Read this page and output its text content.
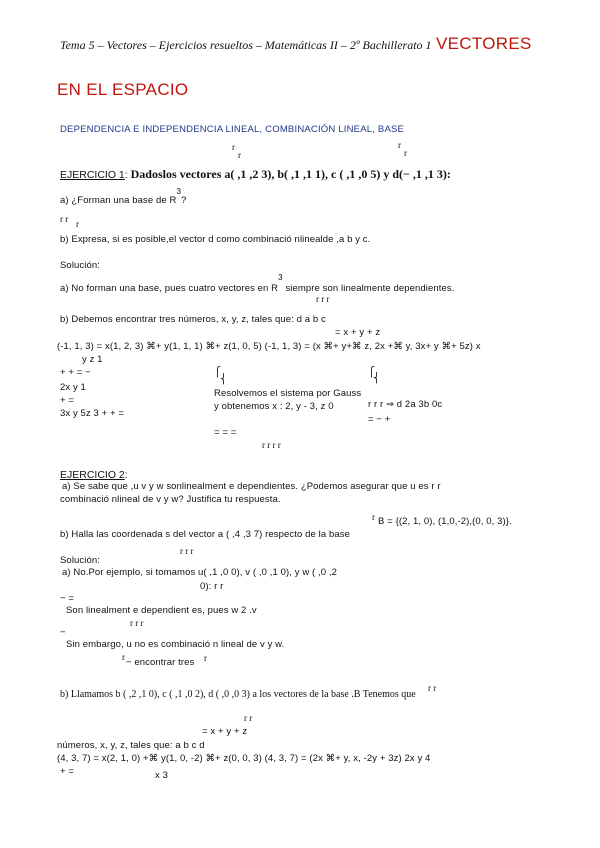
Tema 5 – Vectores – Ejercicios resueltos – Matemáticas II – 2º Bachillerato 1 VECTORES
EN EL ESPACIO
DEPENDENCIA E INDEPENDENCIA LINEAL, COMBINACIÓN LINEAL, BASE
r
r
r
r
EJERCICIO 1: Dadoslos vectores a( ,1 ,2 3), b( ,1 ,1 1), c ( ,1 ,0 5) y d(− ,1 ,1 3):
a) ¿Forman una base de $R^3$?
r r r
b) Expresa, si es posible,el vector d como combinació nlinealde ,a b y c.
Solución:
a) No forman una base, pues cuatro vectores en $R^3$ siempre son linealmente dependientes.
r r r
b) Debemos encontrar tres números, x, y, z, tales que: d a b c
= x + y + z
(-1, 1, 3) = x(1, 2, 3) ⌘+ y(1, 1, 1) ⌘+ z(1, 0, 5) (-1, 1, 3) = (x ⌘+ y+⌘ z, 2x +⌘ y, 3x+ y ⌘+ 5z) x
y z 1
+ + = −
2x y 1
+ =
3x y 5z 3 + + =
⎧
⎨
⎧
⎨
Resolvemos el sistema por Gauss
y obtenemos x : 2, y - 3, z 0	r r r ⇒ d 2a 3b 0c
= − +
= = =
r r r r
EJERCICIO 2:
a) Se sabe que ,u v y w sonlinealment e dependientes. ¿Podemos asegurar que u es r r
combinació nlineal de v y w? Justifica tu respuesta.
r B = {(2, 1, 0), (1,0,-2),(0, 0, 3)}.
b) Halla las coordenada s del vector a ( ,4 ,3 7) respecto de la base
r r r
Solución:
a) No.Por ejemplo, si tomamos u( ,1 ,0 0), v ( ,0 ,1 0), y w ( ,0 ,2
0): r r
− =
Son linealment e dependient es, pues w 2 .v
r r r
−
Sin embargo, u no es combinació n lineal de v y w.
r − encontrar tres r
b) Llamamos b ( ,2 ,1 0), c ( ,1 ,0 2), d ( ,0 ,0 3) a los vectores de la base .B Tenemos que
r r
r r
= x + y + z
números, x, y, z, tales que: a b c d
(4, 3, 7) = x(2, 1, 0) +⌘ y(1, 0, -2) ⌘+ z(0, 0, 3) (4, 3, 7) = (2x ⌘+ y, x, -2y + 3z) 2x y 4
+ =	x 3
